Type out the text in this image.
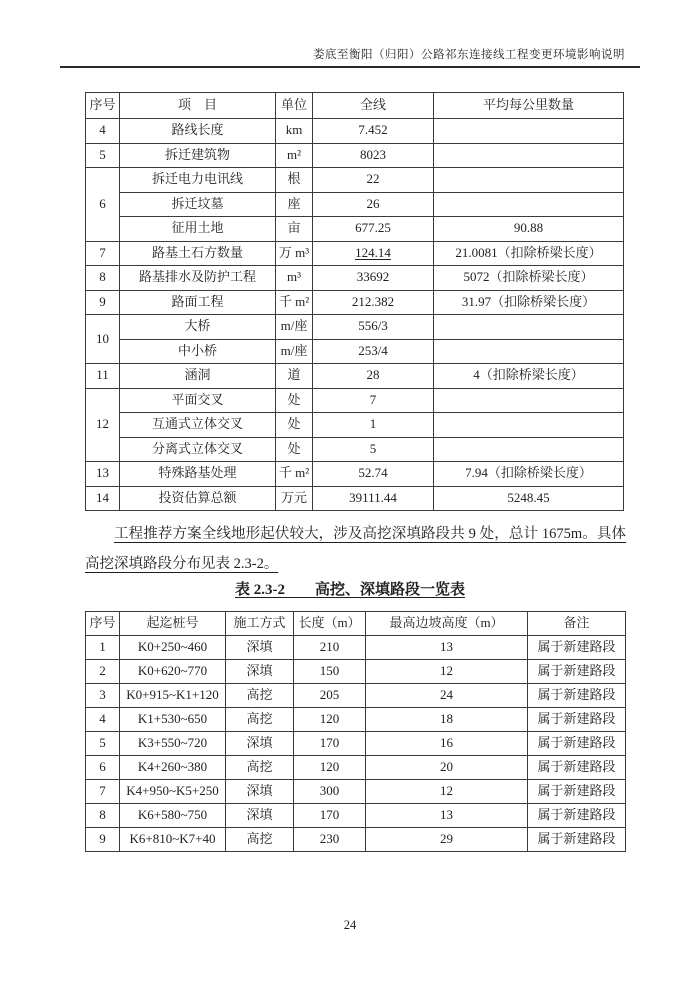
娄底至衡阳（归阳）公路祁东连接线工程变更环境影响说明
序号	项　目	单位	全线	平均每公里数量
4	路线长度	km	7.452	
5	拆迁建筑物	m²	8023	
6	拆迁电力电讯线	根	22	
	拆迁坟墓	座	26	
	征用土地	亩	677.25	90.88
7	路基土石方数量	万 m³	124.14	21.0081（扣除桥梁长度）
8	路基排水及防护工程	m³	33692	5072（扣除桥梁长度）
9	路面工程	千 m²	212.382	31.97（扣除桥梁长度）
10	大桥	m/座	556/3	
	中小桥	m/座	253/4	
11	涵洞	道	28	4（扣除桥梁长度）
12	平面交叉	处	7	
	互通式立体交叉	处	1	
	分离式立体交叉	处	5	
13	特殊路基处理	千 m²	52.74	7.94（扣除桥梁长度）
14	投资估算总额	万元	39111.44	5248.45
工程推荐方案全线地形起伏较大，涉及高挖深填路段共 9 处，总计 1675m。具体高挖深填路段分布见表 2.3-2。
表 2.3-2　　高挖、深填路段一览表
序号	起迄桩号	施工方式	长度（m）	最高边坡高度（m）	备注
1	K0+250~460	深填	210	13	属于新建路段
2	K0+620~770	深填	150	12	属于新建路段
3	K0+915~K1+120	高挖	205	24	属于新建路段
4	K1+530~650	高挖	120	18	属于新建路段
5	K3+550~720	深填	170	16	属于新建路段
6	K4+260~380	高挖	120	20	属于新建路段
7	K4+950~K5+250	深填	300	12	属于新建路段
8	K6+580~750	深填	170	13	属于新建路段
9	K6+810~K7+40	高挖	230	29	属于新建路段
24
